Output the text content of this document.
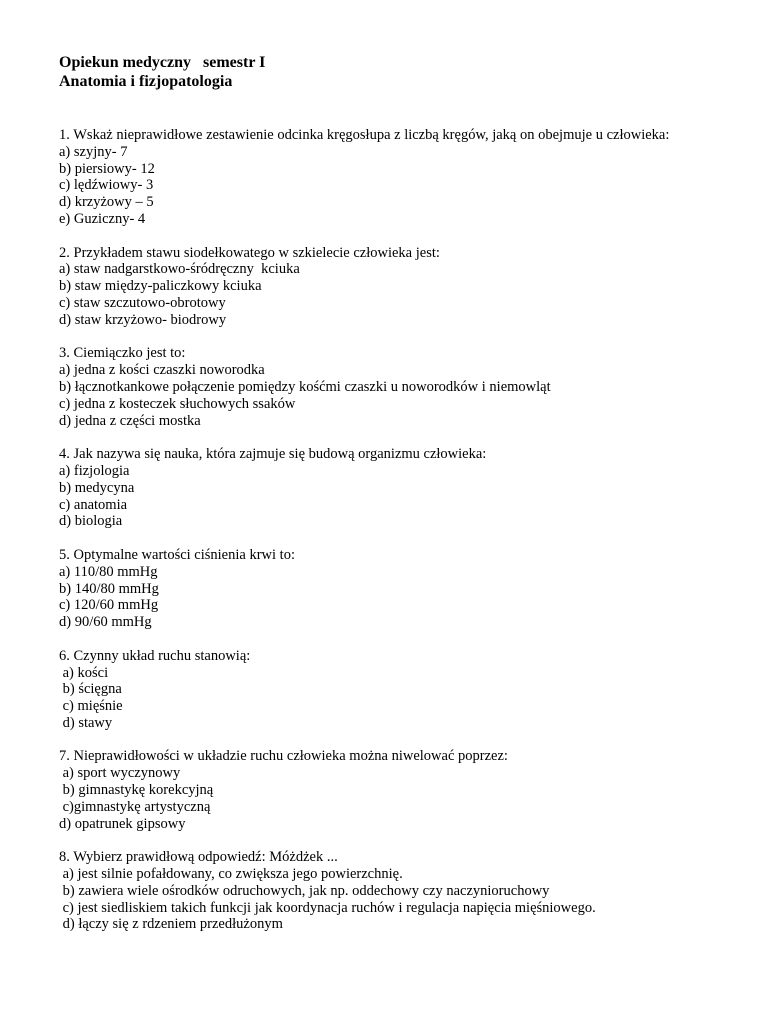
Opiekun medyczny   semestr I
Anatomia i fizjopatologia
1. Wskaż nieprawidłowe zestawienie odcinka kręgosłupa z liczbą kręgów, jaką on obejmuje u człowieka:
a) szyjny- 7
b) piersiowy- 12
c) lędźwiowy- 3
d) krzyżowy – 5
e) Guziczny- 4
2. Przykładem stawu siodełkowatego w szkielecie człowieka jest:
a) staw nadgarstkowo-śródręczny  kciuka
b) staw między-paliczkowy kciuka
c) staw szczutowo-obrotowy
d) staw krzyżowo- biodrowy
3. Ciemiączko jest to:
a) jedna z kości czaszki noworodka
b) łącznotkankowe połączenie pomiędzy kośćmi czaszki u noworodków i niemowląt
c) jedna z kosteczek słuchowych ssaków
d) jedna z części mostka
4. Jak nazywa się nauka, która zajmuje się budową organizmu człowieka:
a) fizjologia
b) medycyna
c) anatomia
d) biologia
5. Optymalne wartości ciśnienia krwi to:
a) 110/80 mmHg
b) 140/80 mmHg
c) 120/60 mmHg
d) 90/60 mmHg
6. Czynny układ ruchu stanowią:
a) kości
b) ścięgna
c) mięśnie
d) stawy
7. Nieprawidłowości w układzie ruchu człowieka można niwelować poprzez:
a) sport wyczynowy
b) gimnastykę korekcyjną
c)gimnastykę artystyczną
d) opatrunek gipsowy
8. Wybierz prawidłową odpowiedź: Móżdżek ...
a) jest silnie pofałdowany, co zwiększa jego powierzchnię.
b) zawiera wiele ośrodków odruchowych, jak np. oddechowy czy naczynioruchowy
c) jest siedliskiem takich funkcji jak koordynacja ruchów i regulacja napięcia mięśniowego.
d) łączy się z rdzeniem przedłużonym
